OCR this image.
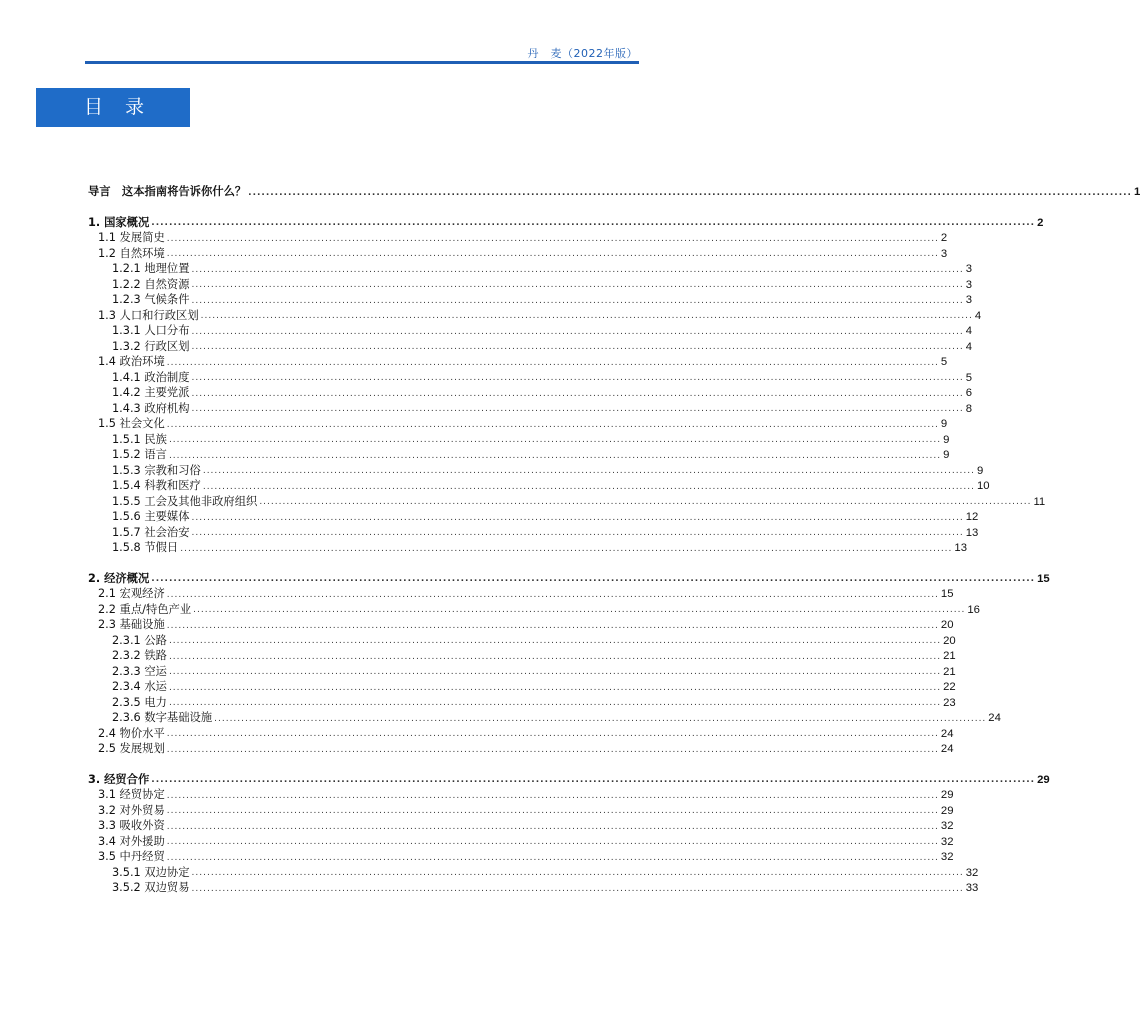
丹　麦（2022年版）
目 录
导言　这本指南将告诉你什么？ ........................................................................................................................................................................................................ 1
1. 国家概况 ........................................................................................................................................................................................................ 2
1.1 发展简史 ........................................................................................................................................................................................................ 2
1.2 自然环境 ........................................................................................................................................................................................................ 3
1.2.1 地理位置 ........................................................................................................................................................................................................ 3
1.2.2 自然资源 ........................................................................................................................................................................................................ 3
1.2.3 气候条件 ........................................................................................................................................................................................................ 3
1.3 人口和行政区划 ........................................................................................................................................................................................................ 4
1.3.1 人口分布 ........................................................................................................................................................................................................ 4
1.3.2 行政区划 ........................................................................................................................................................................................................ 4
1.4 政治环境 ........................................................................................................................................................................................................ 5
1.4.1 政治制度 ........................................................................................................................................................................................................ 5
1.4.2 主要党派 ........................................................................................................................................................................................................ 6
1.4.3 政府机构 ........................................................................................................................................................................................................ 8
1.5 社会文化 ........................................................................................................................................................................................................ 9
1.5.1 民族 ........................................................................................................................................................................................................ 9
1.5.2 语言 ........................................................................................................................................................................................................ 9
1.5.3 宗教和习俗 ........................................................................................................................................................................................................ 9
1.5.4 科教和医疗 ........................................................................................................................................................................................................ 10
1.5.5 工会及其他非政府组织 ........................................................................................................................................................................................................ 11
1.5.6 主要媒体 ........................................................................................................................................................................................................ 12
1.5.7 社会治安 ........................................................................................................................................................................................................ 13
1.5.8 节假日 ........................................................................................................................................................................................................ 13
2. 经济概况 ........................................................................................................................................................................................................ 15
2.1 宏观经济 ........................................................................................................................................................................................................ 15
2.2 重点/特色产业 ........................................................................................................................................................................................................ 16
2.3 基础设施 ........................................................................................................................................................................................................ 20
2.3.1 公路 ........................................................................................................................................................................................................ 20
2.3.2 铁路 ........................................................................................................................................................................................................ 21
2.3.3 空运 ........................................................................................................................................................................................................ 21
2.3.4 水运 ........................................................................................................................................................................................................ 22
2.3.5 电力 ........................................................................................................................................................................................................ 23
2.3.6 数字基础设施 ........................................................................................................................................................................................................ 24
2.4 物价水平 ........................................................................................................................................................................................................ 24
2.5 发展规划 ........................................................................................................................................................................................................ 24
3. 经贸合作 ........................................................................................................................................................................................................ 29
3.1 经贸协定 ........................................................................................................................................................................................................ 29
3.2 对外贸易 ........................................................................................................................................................................................................ 29
3.3 吸收外资 ........................................................................................................................................................................................................ 32
3.4 对外援助 ........................................................................................................................................................................................................ 32
3.5 中丹经贸 ........................................................................................................................................................................................................ 32
3.5.1 双边协定 ........................................................................................................................................................................................................ 32
3.5.2 双边贸易 ........................................................................................................................................................................................................ 33
